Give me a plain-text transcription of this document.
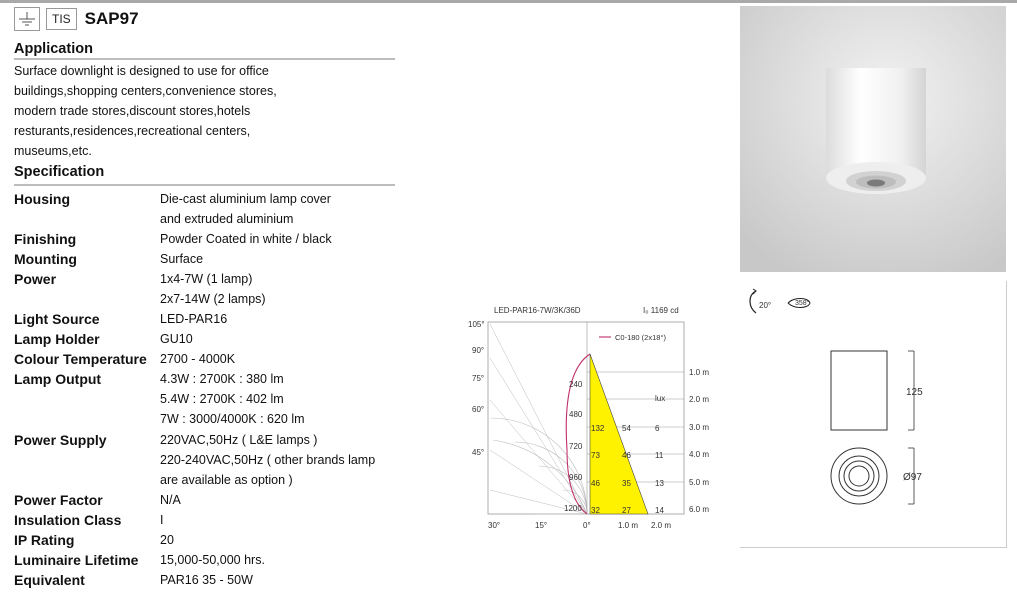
TIS SAP97
Application
Surface downlight is designed to use for office
buildings,shopping centers,convenience stores,
modern trade stores,discount stores,hotels
resturants,residences,recreational centers,
museums,etc.
Specification
Housing	Die-cast aluminium lamp cover
and extruded aluminium
Finishing	Powder Coated in white / black
Mounting	Surface
Power	1x4-7W (1 lamp)
2x7-14W (2 lamps)
Light Source	LED-PAR16
Lamp Holder	GU10
Colour Temperature	2700 - 4000K
Lamp Output	4.3W : 2700K : 380 lm
5.4W : 2700K : 402 lm
7W : 3000/4000K : 620 lm
Power Supply	220VAC,50Hz ( L&E lamps )
220-240VAC,50Hz ( other brands lamp
are available as option )
Power Factor	N/A
Insulation Class	I
IP Rating	20
Luminaire Lifetime	15,000-50,000 hrs.
Equivalent	PAR16 35 - 50W
LED-PAR16-7W/3K/36D	I₀ 1169 cd
C0-180 (2x18°)
105°
90°
75°
60°
45°
30°	15°	0°
240
480
720
960
1200
lux
1.0 m
2.0 m
3.0 m
4.0 m
5.0 m
6.0 m
1.0 m 2.0 m
132 54	6
73	46	11
46	35	13
32	27	14
20°	358°
125
Ø97
